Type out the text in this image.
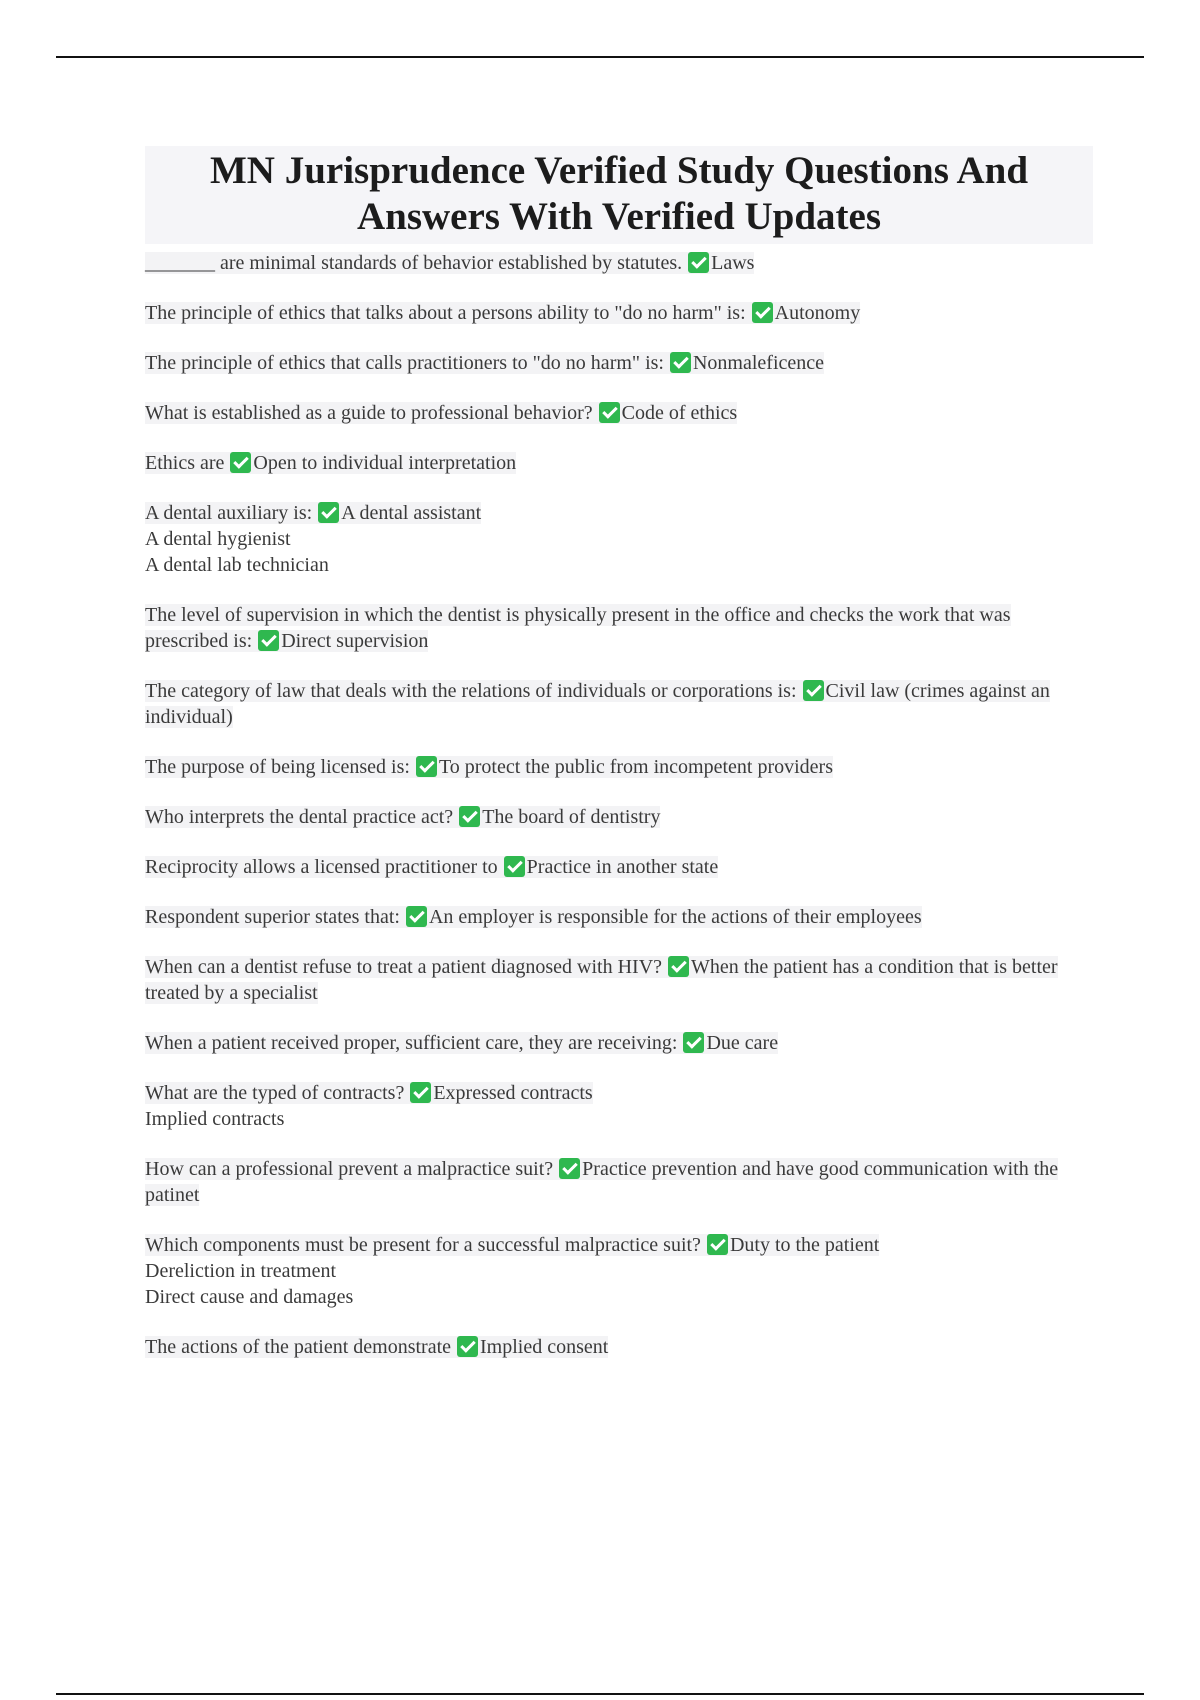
MN Jurisprudence Verified Study Questions And Answers With Verified Updates
_______ are minimal standards of behavior established by statutes. Laws
The principle of ethics that talks about a persons ability to "do no harm" is: Autonomy
The principle of ethics that calls practitioners to "do no harm" is: Nonmaleficence
What is established as a guide to professional behavior? Code of ethics
Ethics are Open to individual interpretation
A dental auxiliary is: A dental assistant
A dental hygienist
A dental lab technician
The level of supervision in which the dentist is physically present in the office and checks the work that was prescribed is: Direct supervision
The category of law that deals with the relations of individuals or corporations is: Civil law (crimes against an individual)
The purpose of being licensed is: To protect the public from incompetent providers
Who interprets the dental practice act? The board of dentistry
Reciprocity allows a licensed practitioner to Practice in another state
Respondent superior states that: An employer is responsible for the actions of their employees
When can a dentist refuse to treat a patient diagnosed with HIV? When the patient has a condition that is better treated by a specialist
When a patient received proper, sufficient care, they are receiving: Due care
What are the typed of contracts? Expressed contracts
Implied contracts
How can a professional prevent a malpractice suit? Practice prevention and have good communication with the patinet
Which components must be present for a successful malpractice suit? Duty to the patient
Dereliction in treatment
Direct cause and damages
The actions of the patient demonstrate Implied consent
